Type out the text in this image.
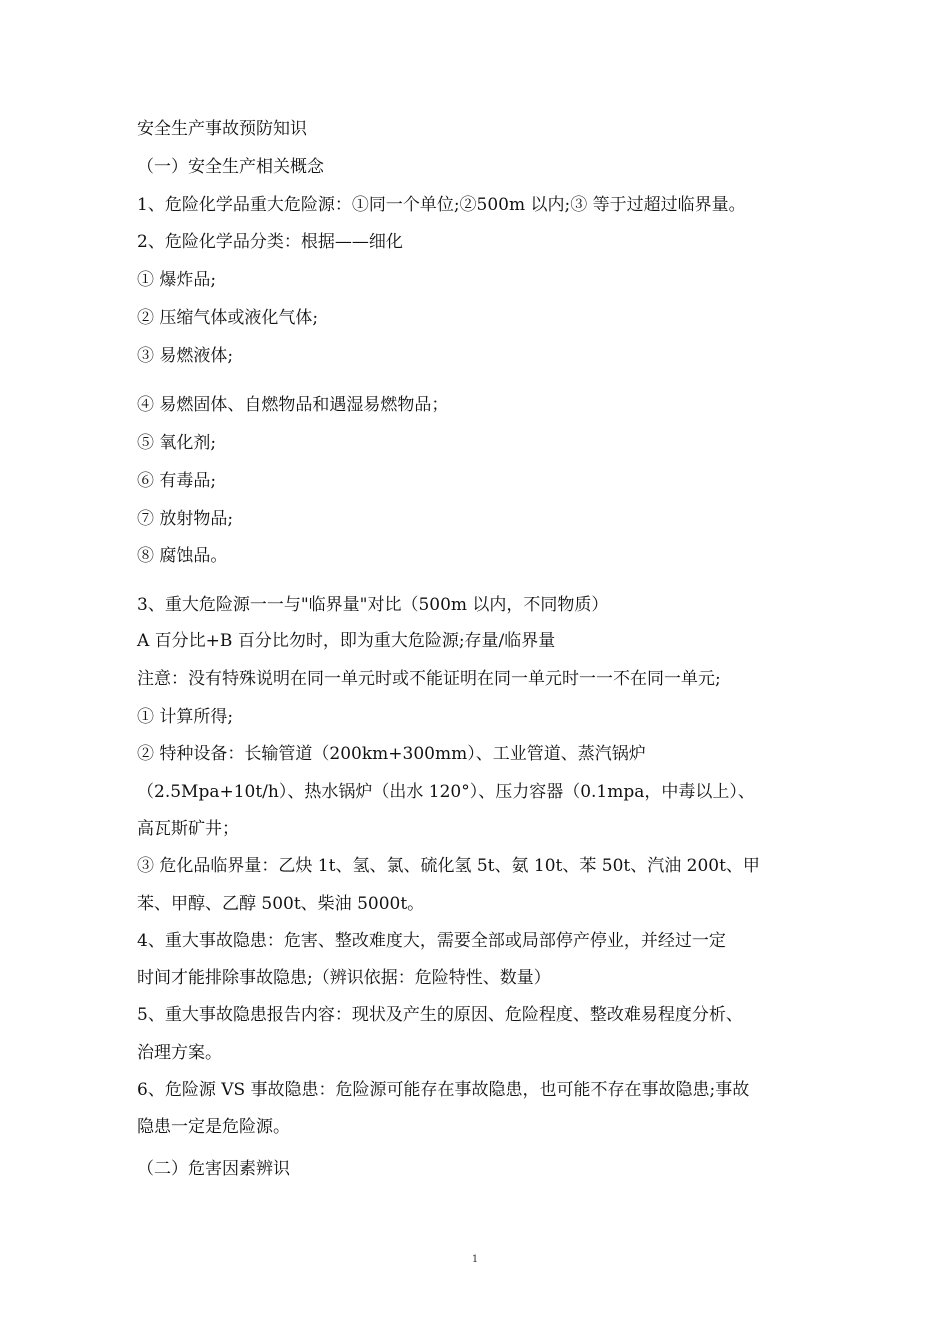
安全生产事故预防知识
（一）安全生产相关概念
1、危险化学品重大危险源：①同一个单位;②500m 以内;③ 等于过超过临界量。
2、危险化学品分类：根据——细化
① 爆炸品;
② 压缩气体或液化气体;
③ 易燃液体;
④ 易燃固体、自燃物品和遇湿易燃物品；
⑤ 氧化剂;
⑥ 有毒品;
⑦ 放射物品;
⑧ 腐蚀品。
3、重大危险源一一与"临界量"对比（500m 以内，不同物质）
A 百分比+B 百分比勿时，即为重大危险源;存量/临界量
注意：没有特殊说明在同一单元时或不能证明在同一单元时一一不在同一单元;
① 计算所得;
② 特种设备：长输管道（200km+300mm）、工业管道、蒸汽锅炉
（2.5Mpa+10t/h）、热水锅炉（出水 120°）、压力容器（0.1mpa，中毒以上）、
高瓦斯矿井；
③ 危化品临界量：乙炔 1t、氢、氯、硫化氢 5t、氨 10t、苯 50t、汽油 200t、甲
苯、甲醇、乙醇 500t、柴油 5000t。
4、重大事故隐患：危害、整改难度大，需要全部或局部停产停业，并经过一定
时间才能排除事故隐患;（辨识依据：危险特性、数量）
5、重大事故隐患报告内容：现状及产生的原因、危险程度、整改难易程度分析、
治理方案。
6、危险源 VS 事故隐患：危险源可能存在事故隐患，也可能不存在事故隐患;事故
隐患一定是危险源。
（二）危害因素辨识
1
